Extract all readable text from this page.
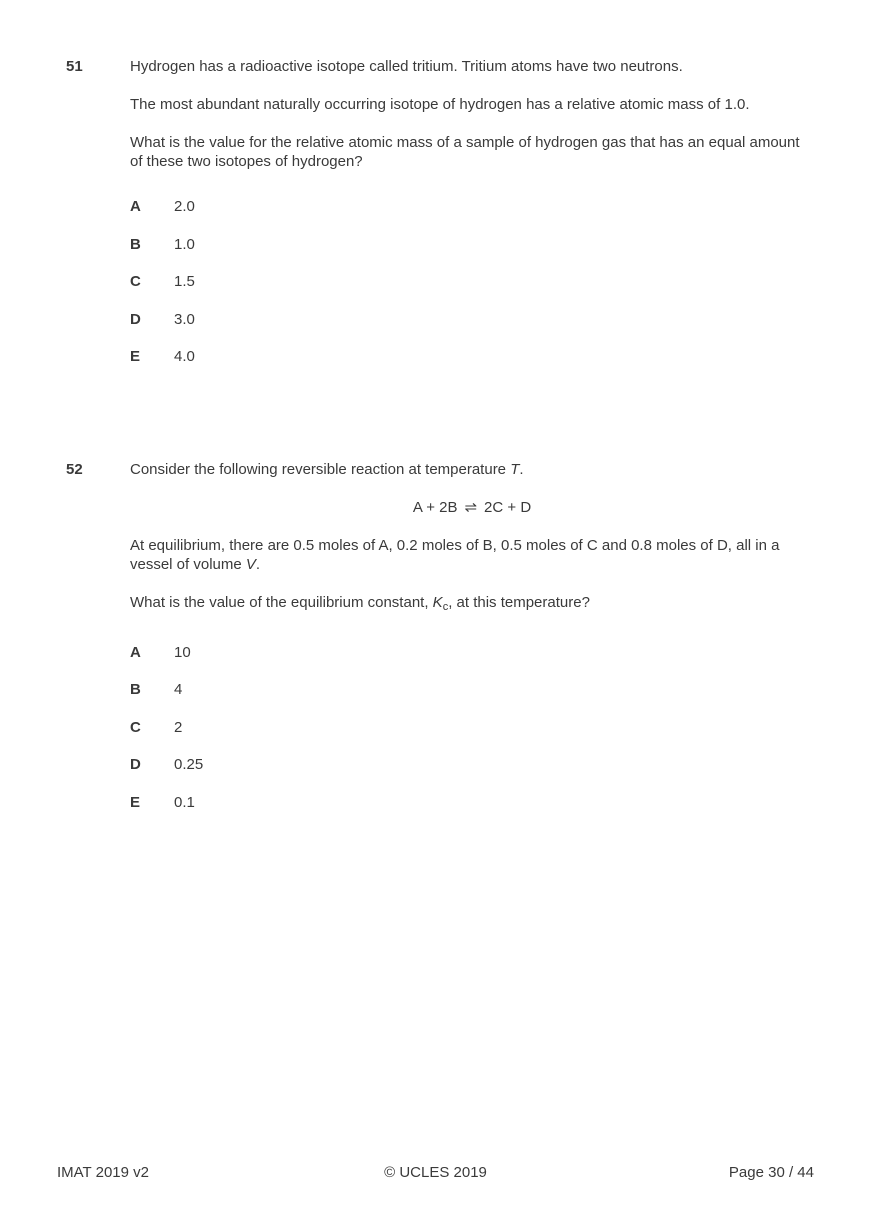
51	Hydrogen has a radioactive isotope called tritium. Tritium atoms have two neutrons.

The most abundant naturally occurring isotope of hydrogen has a relative atomic mass of 1.0.

What is the value for the relative atomic mass of a sample of hydrogen gas that has an equal amount of these two isotopes of hydrogen?

A	2.0
B	1.0
C	1.5
D	3.0
E	4.0
52	Consider the following reversible reaction at temperature T.

A + 2B ⇌ 2C + D

At equilibrium, there are 0.5 moles of A, 0.2 moles of B, 0.5 moles of C and 0.8 moles of D, all in a vessel of volume V.

What is the value of the equilibrium constant, $K_c$, at this temperature?

A	10
B	4
C	2
D	0.25
E	0.1
© UCLES 2019
IMAT 2019 v2	Page 30 / 44
